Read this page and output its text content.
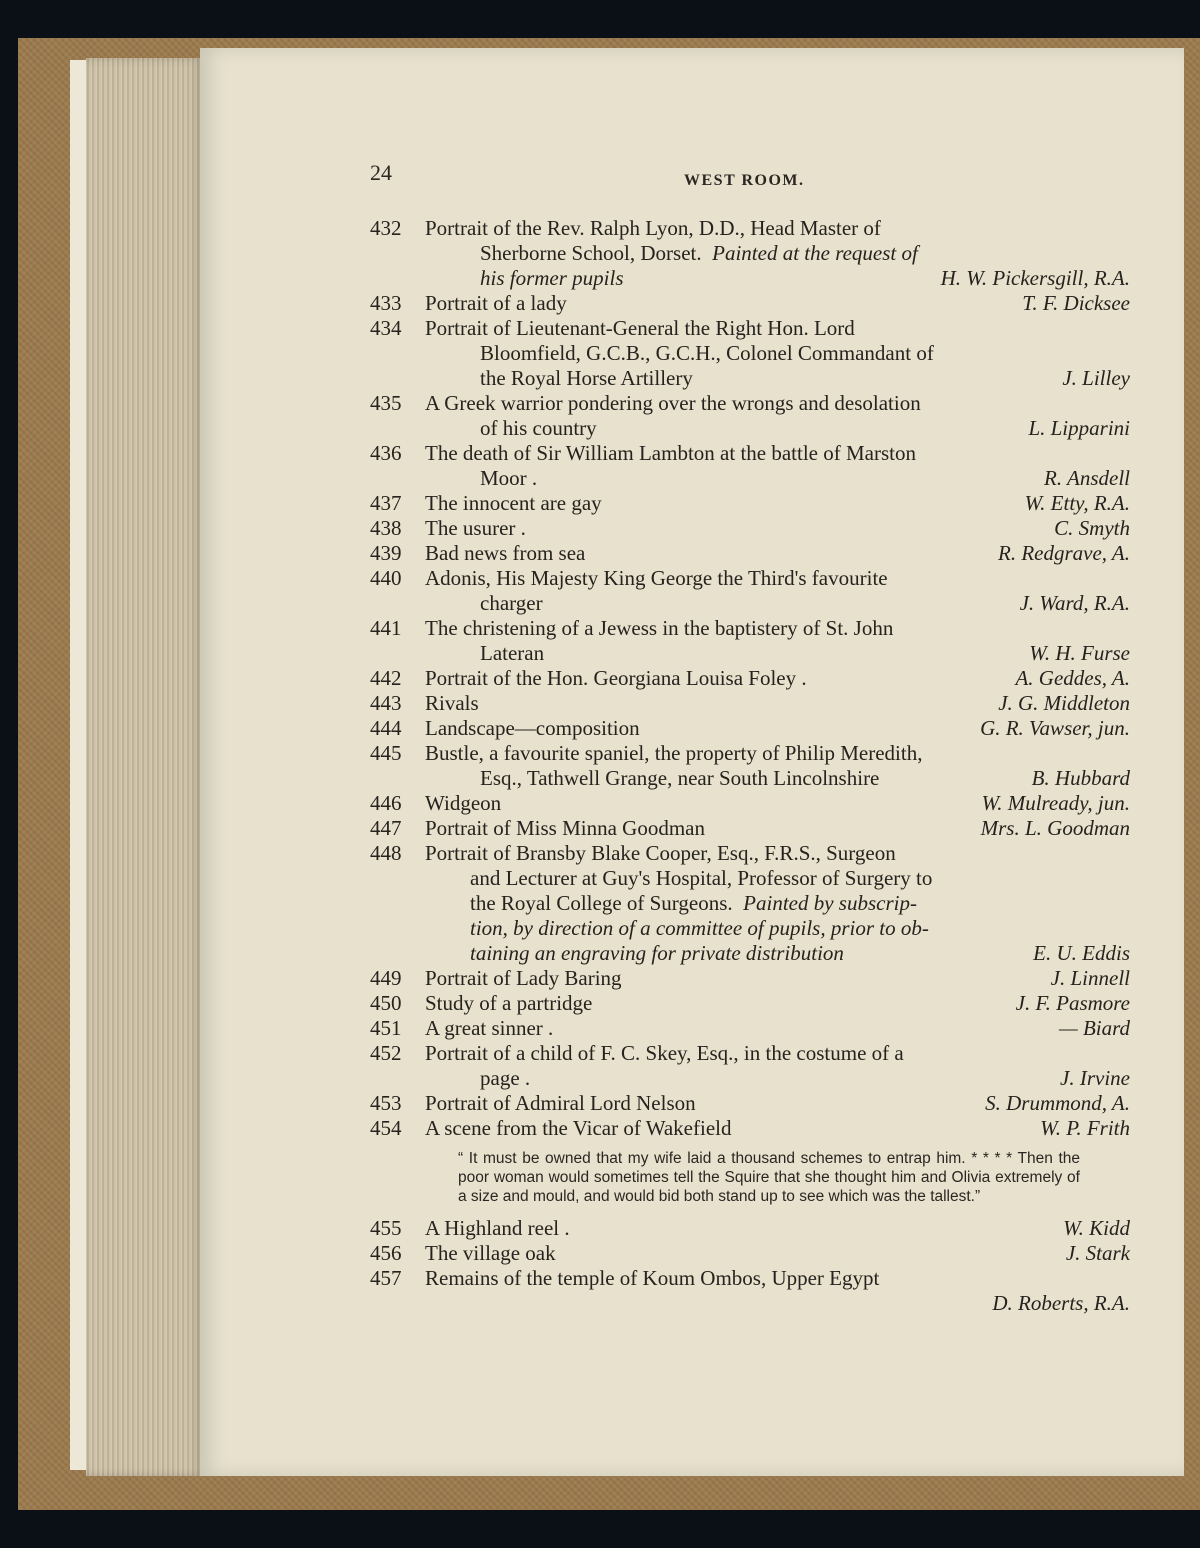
24	WEST ROOM.
432	Portrait of the Rev. Ralph Lyon, D.D., Head Master of
Sherborne School, Dorset. Painted at the request of
his former pupils	H. W. Pickersgill, R.A.
433	Portrait of a lady	T. F. Dicksee
434	Portrait of Lieutenant-General the Right Hon. Lord
Bloomfield, G.C.B., G.C.H., Colonel Commandant of
the Royal Horse Artillery	J. Lilley
435	A Greek warrior pondering over the wrongs and desolation
of his country	L. Lipparini
436	The death of Sir William Lambton at the battle of Marston
Moor .	R. Ansdell
437	The innocent are gay	W. Etty, R.A.
438	The usurer .	C. Smyth
439	Bad news from sea	R. Redgrave, A.
440	Adonis, His Majesty King George the Third's favourite
charger	J. Ward, R.A.
441	The christening of a Jewess in the baptistery of St. John
Lateran	W. H. Furse
442	Portrait of the Hon. Georgiana Louisa Foley .	A. Geddes, A.
443	Rivals	J. G. Middleton
444	Landscape—composition	G. R. Vawser, jun.
445	Bustle, a favourite spaniel, the property of Philip Meredith,
Esq., Tathwell Grange, near South Lincolnshire	B. Hubbard
446	Widgeon	W. Mulready, jun.
447	Portrait of Miss Minna Goodman	Mrs. L. Goodman
448	Portrait of Bransby Blake Cooper, Esq., F.R.S., Surgeon
and Lecturer at Guy's Hospital, Professor of Surgery to
the Royal College of Surgeons. Painted by subscrip-
tion, by direction of a committee of pupils, prior to ob-
taining an engraving for private distribution	E. U. Eddis
449	Portrait of Lady Baring	J. Linnell
450	Study of a partridge	J. F. Pasmore
451	A great sinner .	— Biard
452	Portrait of a child of F. C. Skey, Esq., in the costume of a
page .	J. Irvine
453	Portrait of Admiral Lord Nelson	S. Drummond, A.
454	A scene from the Vicar of Wakefield	W. P. Frith
“ It must be owned that my wife laid a thousand schemes to entrap him. * * * * Then the poor woman would sometimes tell the Squire that she thought him and Olivia extremely of a size and mould, and would bid both stand up to see which was the tallest.”
455	A Highland reel .	W. Kidd
456	The village oak	J. Stark
457	Remains of the temple of Koum Ombos, Upper Egypt
D. Roberts, R.A.
